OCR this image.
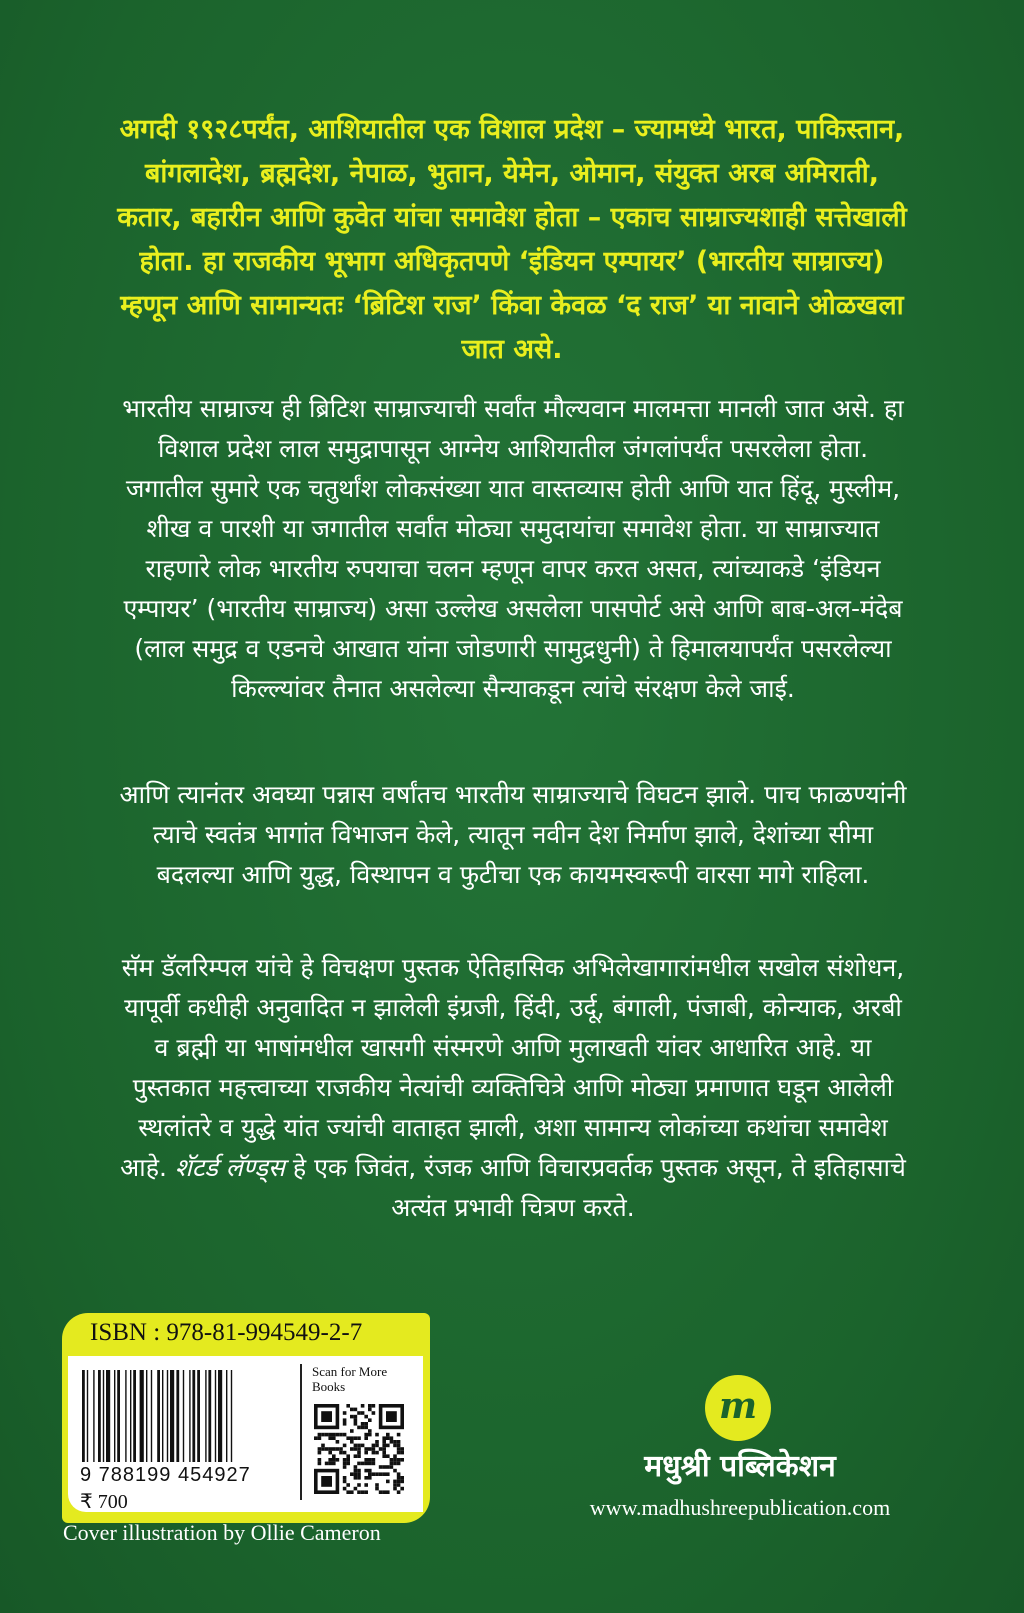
अगदी १९२८पर्यंत, आशियातील एक विशाल प्रदेश – ज्यामध्ये भारत, पाकिस्तान, बांगलादेश, ब्रह्मदेश, नेपाळ, भुतान, येमेन, ओमान, संयुक्त अरब अमिराती, कतार, बहारीन आणि कुवेत यांचा समावेश होता – एकाच साम्राज्यशाही सत्तेखाली होता. हा राजकीय भूभाग अधिकृतपणे ‘इंडियन एम्पायर’ (भारतीय साम्राज्य) म्हणून आणि सामान्यतः ‘ब्रिटिश राज’ किंवा केवळ ‘द राज’ या नावाने ओळखला जात असे.
भारतीय साम्राज्य ही ब्रिटिश साम्राज्याची सर्वांत मौल्यवान मालमत्ता मानली जात असे. हा विशाल प्रदेश लाल समुद्रापासून आग्नेय आशियातील जंगलांपर्यंत पसरलेला होता. जगातील सुमारे एक चतुर्थांश लोकसंख्या यात वास्तव्यास होती आणि यात हिंदू, मुस्लीम, शीख व पारशी या जगातील सर्वांत मोठ्या समुदायांचा समावेश होता. या साम्राज्यात राहणारे लोक भारतीय रुपयाचा चलन म्हणून वापर करत असत, त्यांच्याकडे ‘इंडियन एम्पायर’ (भारतीय साम्राज्य) असा उल्लेख असलेला पासपोर्ट असे आणि बाब-अल-मंदेब (लाल समुद्र व एडनचे आखात यांना जोडणारी सामुद्रधुनी) ते हिमालयापर्यंत पसरलेल्या किल्ल्यांवर तैनात असलेल्या सैन्याकडून त्यांचे संरक्षण केले जाई.
आणि त्यानंतर अवघ्या पन्नास वर्षांतच भारतीय साम्राज्याचे विघटन झाले. पाच फाळण्यांनी त्याचे स्वतंत्र भागांत विभाजन केले, त्यातून नवीन देश निर्माण झाले, देशांच्या सीमा बदलल्या आणि युद्ध, विस्थापन व फुटीचा एक कायमस्वरूपी वारसा मागे राहिला.
सॅम डॅलरिम्पल यांचे हे विचक्षण पुस्तक ऐतिहासिक अभिलेखागारांमधील सखोल संशोधन, यापूर्वी कधीही अनुवादित न झालेली इंग्रजी, हिंदी, उर्दू, बंगाली, पंजाबी, कोन्याक, अरबी व ब्रह्मी या भाषांमधील खासगी संस्मरणे आणि मुलाखती यांवर आधारित आहे. या पुस्तकात महत्त्वाच्या राजकीय नेत्यांची व्यक्तिचित्रे आणि मोठ्या प्रमाणात घडून आलेली स्थलांतरे व युद्धे यांत ज्यांची वाताहत झाली, अशा सामान्य लोकांच्या कथांचा समावेश आहे. शॅटर्ड लॅण्ड्स हे एक जिवंत, रंजक आणि विचारप्रवर्तक पुस्तक असून, ते इतिहासाचे अत्यंत प्रभावी चित्रण करते.
ISBN : 978-81-994549-2-7
9 788199 454927
₹ 700
Scan for More Books
Cover illustration by Ollie Cameron
m
मधुश्री पब्लिकेशन
www.madhushreepublication.com
